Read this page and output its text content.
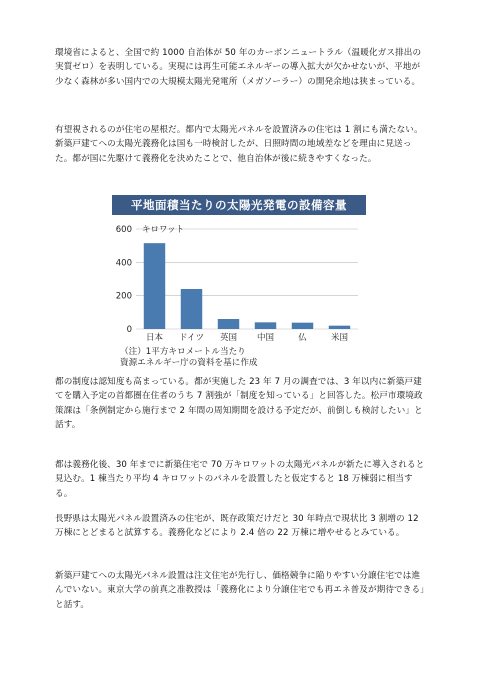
環境省によると、全国で約 1000 自治体が 50 年のカーボンニュートラル（温暖化ガス排出の実質ゼロ）を表明している。実現には再生可能エネルギーの導入拡大が欠かせないが、平地が少なく森林が多い国内での大規模太陽光発電所（メガソーラー）の開発余地は狭まっている。
有望視されるのが住宅の屋根だ。都内で太陽光パネルを設置済みの住宅は 1 割にも満たない。新築戸建てへの太陽光義務化は国も一時検討したが、日照時間の地域差などを理由に見送った。都が国に先駆けて義務化を決めたことで、他自治体が後に続きやすくなった。
平地面積当たりの太陽光発電の設備容量
0
200
400
600 キロワット
日本 ドイツ 英国 中国	仏	米国
（注）1平方キロメートル当たり
資源エネルギー庁の資料を基に作成
都の制度は認知度も高まっている。都が実施した 23 年 7 月の調査では、3 年以内に新築戸建てを購入予定の首都圏在住者のうち 7 割強が「制度を知っている」と回答した。松戸市環境政策課は「条例制定から施行まで 2 年間の周知期間を設ける予定だが、前倒しも検討したい」と話す。
都は義務化後、30 年までに新築住宅で 70 万キロワットの太陽光パネルが新たに導入されると見込む。1 棟当たり平均 4 キロワットのパネルを設置したと仮定すると 18 万棟弱に相当する。
長野県は太陽光パネル設置済みの住宅が、既存政策だけだと 30 年時点で現状比 3 割増の 12 万棟にとどまると試算する。義務化などにより 2.4 倍の 22 万棟に増やせるとみている。
新築戸建てへの太陽光パネル設置は注文住宅が先行し、価格競争に陥りやすい分譲住宅では進んでいない。東京大学の前真之准教授は「義務化により分譲住宅でも再エネ普及が期待できる」と話す。
